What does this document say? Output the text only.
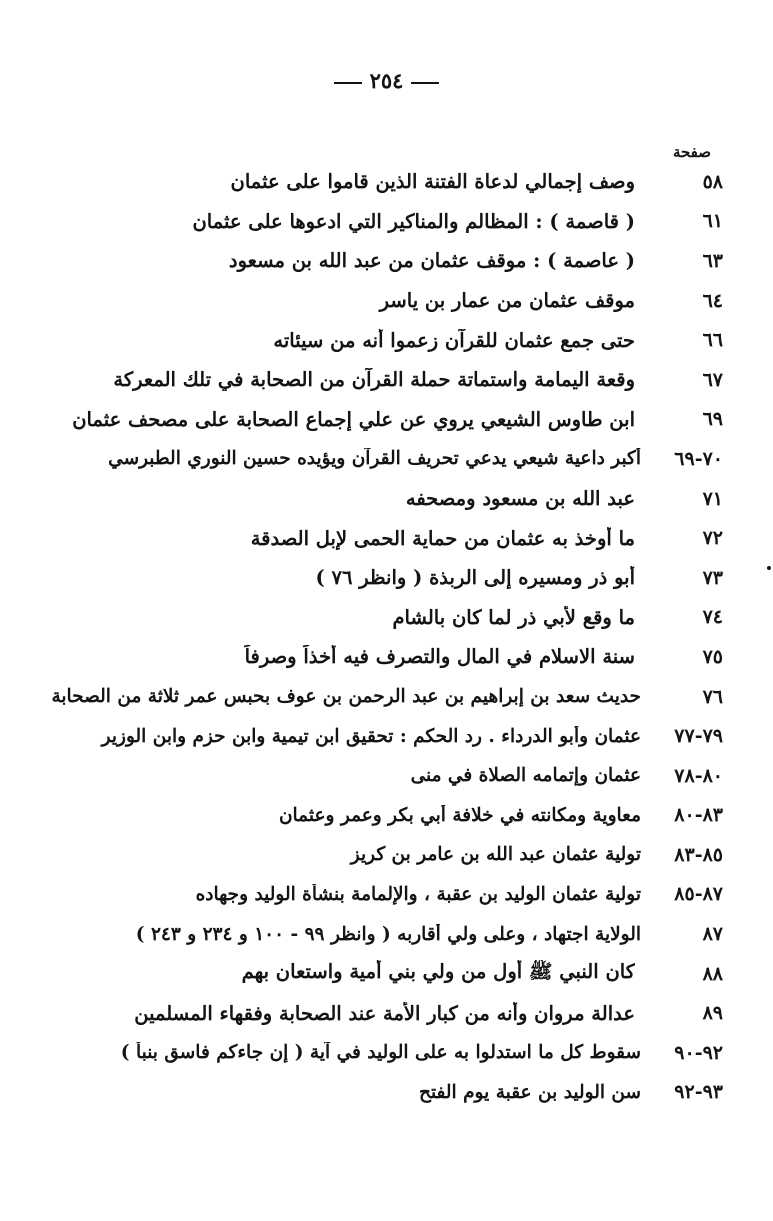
٢٥٤
صفحة
٥٨
وصف إجمالي لدعاة الفتنة الذين قاموا على عثمان
٦١
( قاصمة ) : المظالم والمناكير التي ادعوها على عثمان
٦٣
( عاصمة ) : موقف عثمان من عبد الله بن مسعود
٦٤
موقف عثمان من عمار بن ياسر
٦٦
حتى جمع عثمان للقرآن زعموا أنه من سيئاته
٦٧
وقعة اليمامة واستماتة حملة القرآن من الصحابة في تلك المعركة
٦٩
ابن طاوس الشيعي يروي عن علي إجماع الصحابة على مصحف عثمان
٧٠-٦٩
أكبر داعية شيعي يدعي تحريف القرآن ويؤيده حسين النوري الطبرسي
٧١
عبد الله بن مسعود ومصحفه
٧٢
ما أوخذ به عثمان من حماية الحمى لإبل الصدقة
٧٣
أبو ذر ومسيره إلى الربذة ( وانظر ٧٦ )
٧٤
ما وقع لأبي ذر لما كان بالشام
٧٥
سنة الاسلام في المال والتصرف فيه أخذاً وصرفاً
٧٦
حديث سعد بن إبراهيم بن عبد الرحمن بن عوف بحبس عمر ثلاثة من الصحابة
٧٩-٧٧
عثمان وأبو الدرداء . رد الحكم : تحقيق ابن تيمية وابن حزم وابن الوزير
٨٠-٧٨
عثمان وإتمامه الصلاة في منى
٨٣-٨٠
معاوية ومكانته في خلافة أبي بكر وعمر وعثمان
٨٥-٨٣
تولية عثمان عبد الله بن عامر بن كريز
٨٧-٨٥
تولية عثمان الوليد بن عقبة ، والإلمامة بنشأة الوليد وجهاده
٨٧
الولاية اجتهاد ، وعلى ولي أقاربه ( وانظر ٩٩ - ١٠٠ و ٢٣٤ و ٢٤٣ )
٨٨
كان النبي ﷺ أول من ولي بني أمية واستعان بهم
٨٩
عدالة مروان وأنه من كبار الأمة عند الصحابة وفقهاء المسلمين
٩٢-٩٠
سقوط كل ما استدلوا به على الوليد في آية ( إن جاءكم فاسق بنبأ )
٩٣-٩٢
سن الوليد بن عقبة يوم الفتح
